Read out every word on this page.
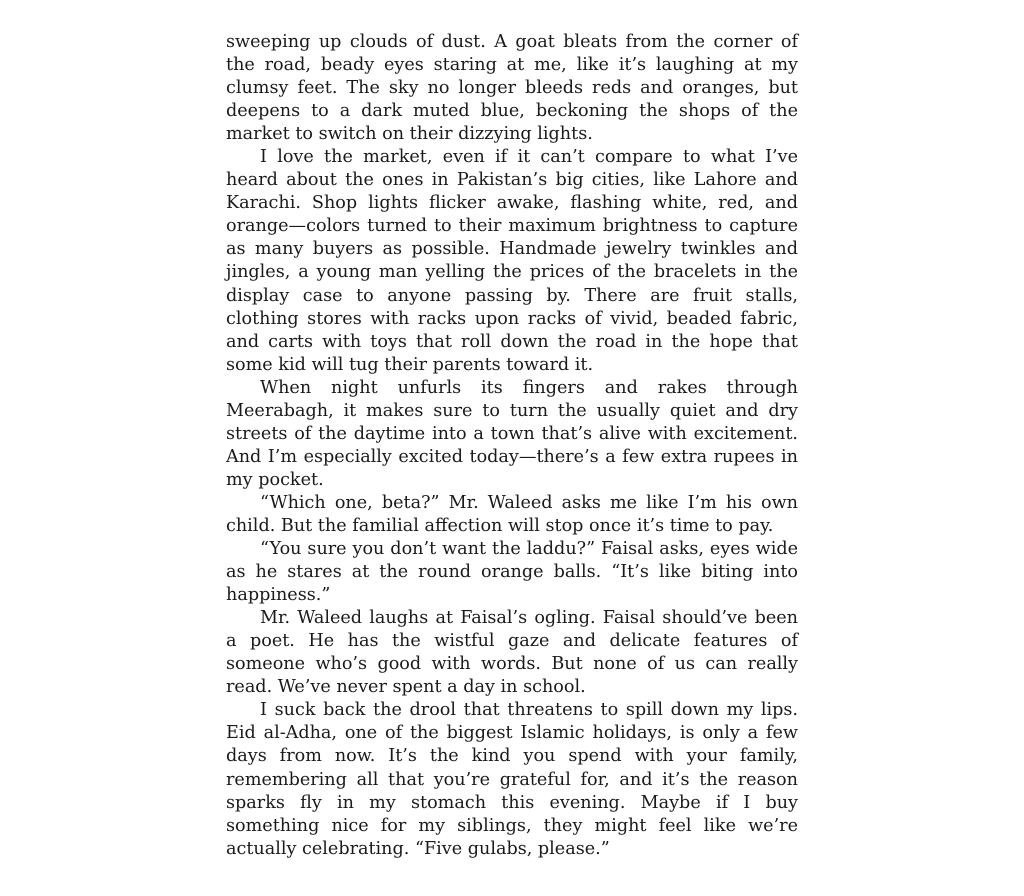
sweeping up clouds of dust. A goat bleats from the corner of the road, beady eyes staring at me, like it’s laughing at my clumsy feet. The sky no longer bleeds reds and oranges, but deepens to a dark muted blue, beckoning the shops of the market to switch on their dizzying lights.

I love the market, even if it can’t compare to what I’ve heard about the ones in Pakistan’s big cities, like Lahore and Karachi. Shop lights flicker awake, flashing white, red, and orange—colors turned to their maximum brightness to capture as many buyers as possible. Handmade jewelry twinkles and jingles, a young man yelling the prices of the bracelets in the display case to anyone passing by. There are fruit stalls, clothing stores with racks upon racks of vivid, beaded fabric, and carts with toys that roll down the road in the hope that some kid will tug their parents toward it.

When night unfurls its fingers and rakes through Meerabagh, it makes sure to turn the usually quiet and dry streets of the daytime into a town that’s alive with excitement. And I’m especially excited today—there’s a few extra rupees in my pocket.

“Which one, beta?” Mr. Waleed asks me like I’m his own child. But the familial affection will stop once it’s time to pay.

“You sure you don’t want the laddu?” Faisal asks, eyes wide as he stares at the round orange balls. “It’s like biting into happiness.”

Mr. Waleed laughs at Faisal’s ogling. Faisal should’ve been a poet. He has the wistful gaze and delicate features of someone who’s good with words. But none of us can really read. We’ve never spent a day in school.

I suck back the drool that threatens to spill down my lips. Eid al-Adha, one of the biggest Islamic holidays, is only a few days from now. It’s the kind you spend with your family, remembering all that you’re grateful for, and it’s the reason sparks fly in my stomach this evening. Maybe if I buy something nice for my siblings, they might feel like we’re actually celebrating. “Five gulabs, please.”
